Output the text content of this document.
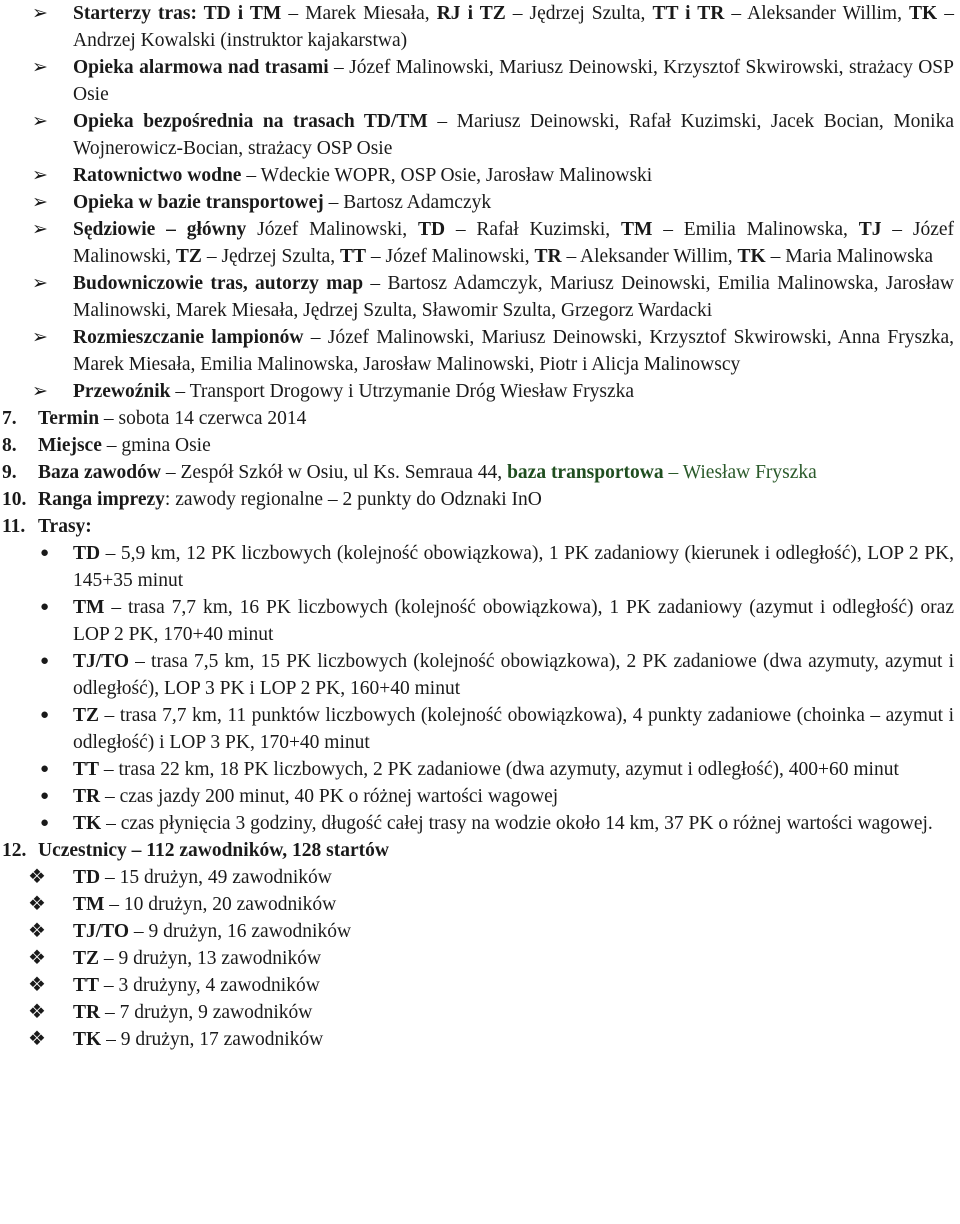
➢	Starterzy tras: TD i TM – Marek Miesała, RJ i TZ – Jędrzej Szulta, TT i TR – Aleksander Willim, TK – Andrzej Kowalski (instruktor kajakarstwa)
➢	Opieka alarmowa nad trasami – Józef Malinowski, Mariusz Deinowski, Krzysztof Skwirowski, strażacy OSP Osie
➢	Opieka bezpośrednia na trasach TD/TM – Mariusz Deinowski, Rafał Kuzimski, Jacek Bocian, Monika Wojnerowicz-Bocian, strażacy OSP Osie
➢	Ratownictwo wodne – Wdeckie WOPR, OSP Osie, Jarosław Malinowski
➢	Opieka w bazie transportowej – Bartosz Adamczyk
➢	Sędziowie – główny Józef Malinowski, TD – Rafał Kuzimski, TM – Emilia Malinowska, TJ – Józef Malinowski, TZ – Jędrzej Szulta, TT – Józef Malinowski, TR – Aleksander Willim, TK – Maria Malinowska
➢	Budowniczowie tras, autorzy map – Bartosz Adamczyk, Mariusz Deinowski, Emilia Malinowska, Jarosław Malinowski, Marek Miesała, Jędrzej Szulta, Sławomir Szulta, Grzegorz Wardacki
➢	Rozmieszczanie lampionów – Józef Malinowski, Mariusz Deinowski, Krzysztof Skwirowski, Anna Fryszka, Marek Miesała, Emilia Malinowska, Jarosław Malinowski, Piotr i Alicja Malinowscy
➢	Przewoźnik – Transport Drogowy i Utrzymanie Dróg Wiesław Fryszka
7.	Termin – sobota 14 czerwca 2014
8.	Miejsce – gmina Osie
9.	Baza zawodów – Zespół Szkół w Osiu, ul Ks. Semraua 44, baza transportowa – Wiesław Fryszka
10. Ranga imprezy: zawody regionalne – 2 punkty do Odznaki InO
11. Trasy:
●	TD – 5,9 km, 12 PK liczbowych (kolejność obowiązkowa), 1 PK zadaniowy (kierunek i odległość), LOP 2 PK, 145+35 minut
●	TM – trasa 7,7 km, 16 PK liczbowych (kolejność obowiązkowa), 1 PK zadaniowy (azymut i odległość) oraz LOP 2 PK, 170+40 minut
●	TJ/TO – trasa 7,5 km, 15 PK liczbowych (kolejność obowiązkowa), 2 PK zadaniowe (dwa azymuty, azymut i odległość), LOP 3 PK i LOP 2 PK, 160+40 minut
●	TZ – trasa 7,7 km, 11 punktów liczbowych (kolejność obowiązkowa), 4 punkty zadaniowe (choinka – azymut i odległość) i LOP 3 PK, 170+40 minut
●	TT – trasa 22 km, 18 PK liczbowych, 2 PK zadaniowe (dwa azymuty, azymut i odległość), 400+60 minut
●	TR – czas jazdy 200 minut, 40 PK o różnej wartości wagowej
●	TK – czas płynięcia 3 godziny, długość całej trasy na wodzie około 14 km, 37 PK o różnej wartości wagowej.
12. Uczestnicy – 112 zawodników, 128 startów
❖	TD – 15 drużyn, 49 zawodników
❖	TM – 10 drużyn, 20 zawodników
❖	TJ/TO – 9 drużyn, 16 zawodników
❖	TZ – 9 drużyn, 13 zawodników
❖	TT – 3 drużyny, 4 zawodników
❖	TR – 7 drużyn, 9 zawodników
❖	TK – 9 drużyn, 17 zawodników
